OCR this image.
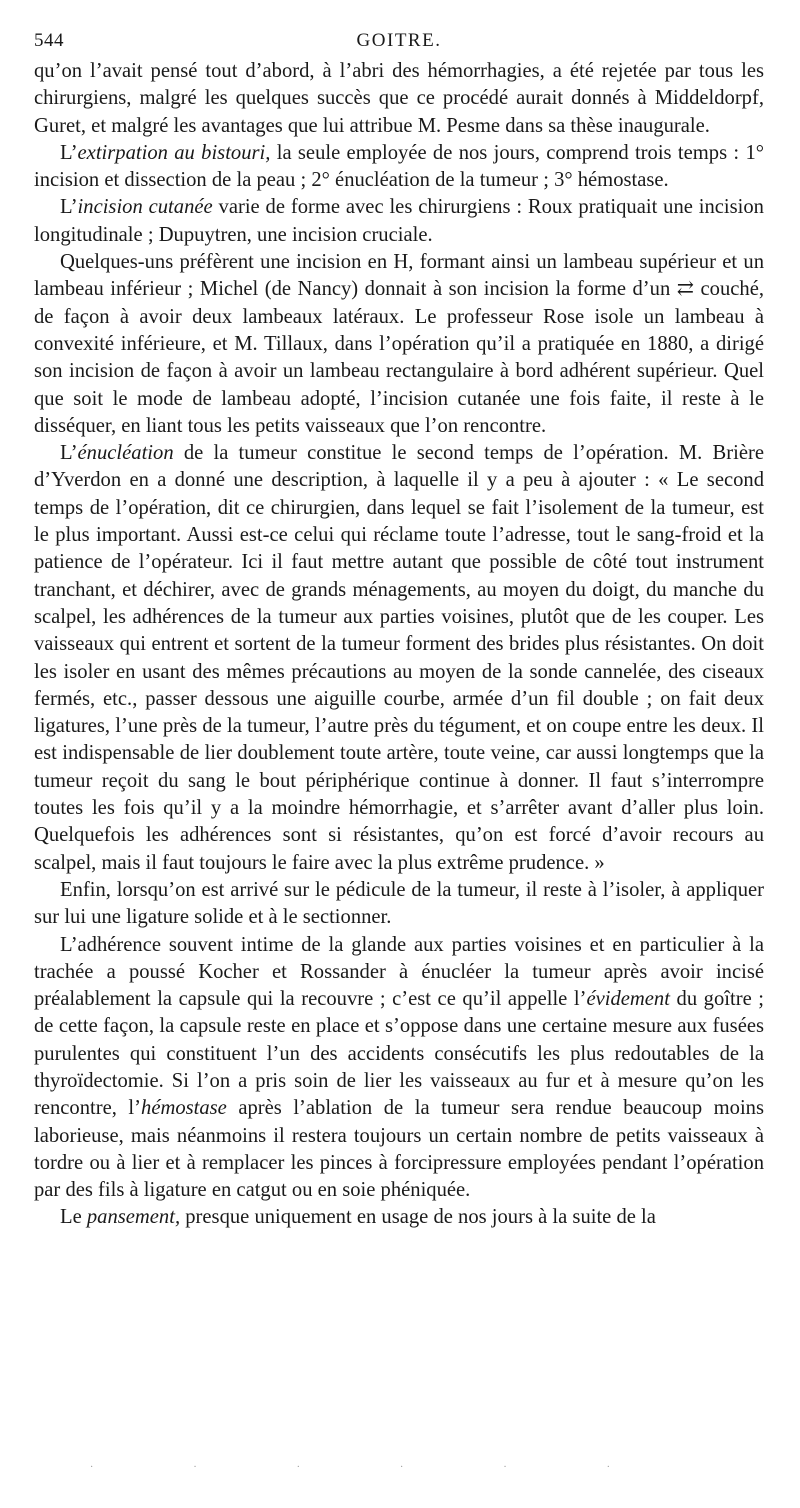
544	GOITRE.

qu’on l’avait pensé tout d’abord, à l’abri des hémorrhagies, a été rejetée par tous les chirurgiens, malgré les quelques succès que ce procédé aurait donnés à Middeldorpf, Guret, et malgré les avantages que lui attribue M. Pesme dans sa thèse inaugurale.

L’extirpation au bistouri, la seule employée de nos jours, comprend trois temps : 1° incision et dissection de la peau ; 2° énucléation de la tumeur ; 3° hémostase.

L’incision cutanée varie de forme avec les chirurgiens : Roux pratiquait une incision longitudinale ; Dupuytren, une incision cruciale.

Quelques-uns préfèrent une incision en H, formant ainsi un lambeau supérieur et un lambeau inférieur ; Michel (de Nancy) donnait à son incision la forme d’un ⇄ couché, de façon à avoir deux lambeaux latéraux. Le professeur Rose isole un lambeau à convexité inférieure, et M. Tillaux, dans l’opération qu’il a pratiquée en 1880, a dirigé son incision de façon à avoir un lambeau rectangulaire à bord adhérent supérieur. Quel que soit le mode de lambeau adopté, l’incision cutanée une fois faite, il reste à le disséquer, en liant tous les petits vaisseaux que l’on rencontre.

L’énucléation de la tumeur constitue le second temps de l’opération. M. Brière d’Yverdon en a donné une description, à laquelle il y a peu à ajouter : « Le second temps de l’opération, dit ce chirurgien, dans lequel se fait l’isolement de la tumeur, est le plus important. Aussi est-ce celui qui réclame toute l’adresse, tout le sang-froid et la patience de l’opérateur. Ici il faut mettre autant que possible de côté tout instrument tranchant, et déchirer, avec de grands ménagements, au moyen du doigt, du manche du scalpel, les adhérences de la tumeur aux parties voisines, plutôt que de les couper. Les vaisseaux qui entrent et sortent de la tumeur forment des brides plus résistantes. On doit les isoler en usant des mêmes précautions au moyen de la sonde cannelée, des ciseaux fermés, etc., passer dessous une aiguille courbe, armée d’un fil double ; on fait deux ligatures, l’une près de la tumeur, l’autre près du tégument, et on coupe entre les deux. Il est indispensable de lier doublement toute artère, toute veine, car aussi longtemps que la tumeur reçoit du sang le bout périphérique continue à donner. Il faut s’interrompre toutes les fois qu’il y a la moindre hémorrhagie, et s’arrêter avant d’aller plus loin. Quelquefois les adhérences sont si résistantes, qu’on est forcé d’avoir recours au scalpel, mais il faut toujours le faire avec la plus extrême prudence. »

Enfin, lorsqu’on est arrivé sur le pédicule de la tumeur, il reste à l’isoler, à appliquer sur lui une ligature solide et à le sectionner.

L’adhérence souvent intime de la glande aux parties voisines et en particulier à la trachée a poussé Kocher et Rossander à énucléer la tumeur après avoir incisé préalablement la capsule qui la recouvre ; c’est ce qu’il appelle l’évidement du goître ; de cette façon, la capsule reste en place et s’oppose dans une certaine mesure aux fusées purulentes qui constituent l’un des accidents consécutifs les plus redoutables de la thyroïdectomie. Si l’on a pris soin de lier les vaisseaux au fur et à mesure qu’on les rencontre, l’hémostase après l’ablation de la tumeur sera rendue beaucoup moins laborieuse, mais néanmoins il restera toujours un certain nombre de petits vaisseaux à tordre ou à lier et à remplacer les pinces à forcipressure employées pendant l’opération par des fils à ligature en catgut ou en soie phéniquée.

Le pansement, presque uniquement en usage de nos jours à la suite de la

······
